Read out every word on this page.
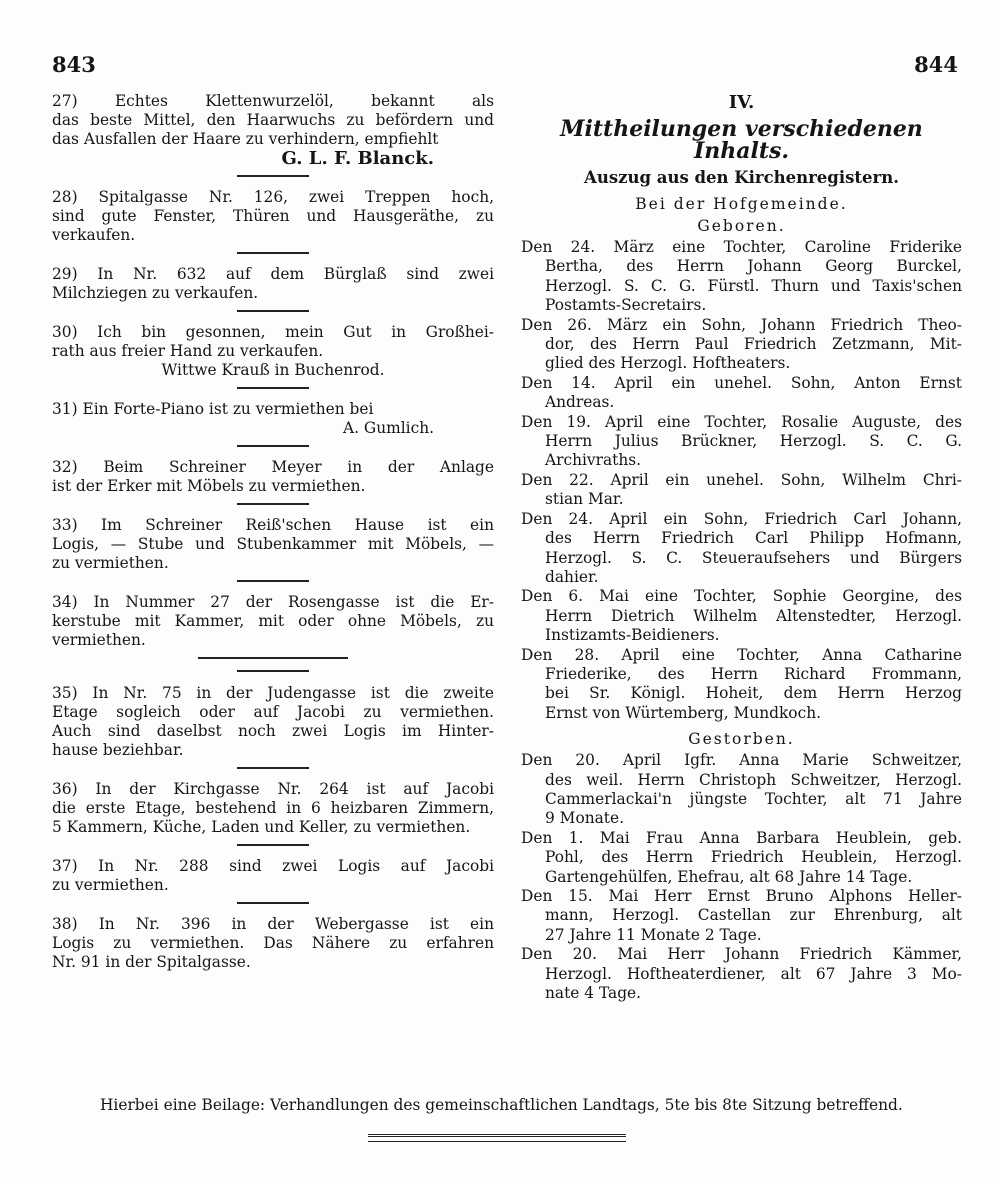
843	844
27) Echtes Klettenwurzelöl, bekannt als
das beste Mittel, den Haarwuchs zu befördern und
das Ausfallen der Haare zu verhindern, empfiehlt
G. L. F. Blanck.
28) Spitalgasse Nr. 126, zwei Treppen hoch,
sind gute Fenster, Thüren und Hausgeräthe, zu
verkaufen.
29) In Nr. 632 auf dem Bürglaß sind zwei
Milchziegen zu verkaufen.
30) Ich bin gesonnen, mein Gut in Großhei-
rath aus freier Hand zu verkaufen.
Wittwe Krauß in Buchenrod.
31) Ein Forte-Piano ist zu vermiethen bei
A. Gumlich.
32) Beim Schreiner Meyer in der Anlage
ist der Erker mit Möbels zu vermiethen.
33) Im Schreiner Reiß'schen Hause ist ein
Logis, — Stube und Stubenkammer mit Möbels, —
zu vermiethen.
34) In Nummer 27 der Rosengasse ist die Er-
kerstube mit Kammer, mit oder ohne Möbels, zu
vermiethen.
35) In Nr. 75 in der Judengasse ist die zweite
Etage sogleich oder auf Jacobi zu vermiethen.
Auch sind daselbst noch zwei Logis im Hinter-
hause beziehbar.
36) In der Kirchgasse Nr. 264 ist auf Jacobi
die erste Etage, bestehend in 6 heizbaren Zimmern,
5 Kammern, Küche, Laden und Keller, zu vermiethen.
37) In Nr. 288 sind zwei Logis auf Jacobi
zu vermiethen.
38) In Nr. 396 in der Webergasse ist ein
Logis zu vermiethen. Das Nähere zu erfahren
Nr. 91 in der Spitalgasse.

IV.

Mittheilungen verschiedenen Inhalts.

Auszug aus den Kirchenregistern.

Bei der Hofgemeinde.

Geboren.

Den 24. März eine Tochter, Caroline Friderike
Bertha, des Herrn Johann Georg Burckel,
Herzogl. S. C. G. Fürstl. Thurn und Taxis'schen
Postamts-Secretairs.
Den 26. März ein Sohn, Johann Friedrich Theo-
dor, des Herrn Paul Friedrich Zetzmann, Mit-
glied des Herzogl. Hoftheaters.
Den 14. April ein unehel. Sohn, Anton Ernst
Andreas.
Den 19. April eine Tochter, Rosalie Auguste, des
Herrn Julius Brückner, Herzogl. S. C. G.
Archivraths.
Den 22. April ein unehel. Sohn, Wilhelm Chri-
stian Mar.
Den 24. April ein Sohn, Friedrich Carl Johann,
des Herrn Friedrich Carl Philipp Hofmann,
Herzogl. S. C. Steueraufsehers und Bürgers
dahier.
Den 6. Mai eine Tochter, Sophie Georgine, des
Herrn Dietrich Wilhelm Altenstedter, Herzogl.
Instizamts-Beidieners.
Den 28. April eine Tochter, Anna Catharine
Friederike, des Herrn Richard Frommann,
bei Sr. Königl. Hoheit, dem Herrn Herzog
Ernst von Würtemberg, Mundkoch.

Gestorben.

Den 20. April Igfr. Anna Marie Schweitzer,
des weil. Herrn Christoph Schweitzer, Herzogl.
Cammerlackai'n jüngste Tochter, alt 71 Jahre
9 Monate.
Den 1. Mai Frau Anna Barbara Heublein, geb.
Pohl, des Herrn Friedrich Heublein, Herzogl.
Gartengehülfen, Ehefrau, alt 68 Jahre 14 Tage.
Den 15. Mai Herr Ernst Bruno Alphons Heller-
mann, Herzogl. Castellan zur Ehrenburg, alt
27 Jahre 11 Monate 2 Tage.
Den 20. Mai Herr Johann Friedrich Kämmer,
Herzogl. Hoftheaterdiener, alt 67 Jahre 3 Mo-
nate 4 Tage.
Hierbei eine Beilage: Verhandlungen des gemeinschaftlichen Landtags, 5te bis 8te Sitzung betreffend.
